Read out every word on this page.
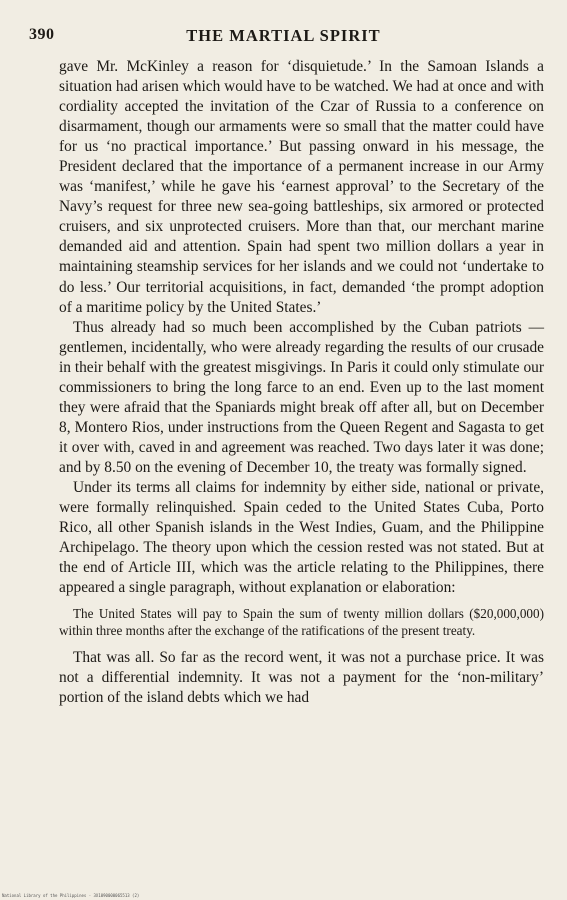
390	THE MARTIAL SPIRIT

gave Mr. McKinley a reason for ‘disquietude.’ In the Samoan Islands a situation had arisen which would have to be watched. We had at once and with cordiality accepted the invitation of the Czar of Russia to a conference on disarmament, though our armaments were so small that the matter could have for us ‘no practical importance.’ But passing onward in his message, the President declared that the importance of a permanent increase in our Army was ‘manifest,’ while he gave his ‘earnest approval’ to the Secretary of the Navy’s request for three new sea-going battleships, six armored or protected cruisers, and six unprotected cruisers. More than that, our merchant marine demanded aid and attention. Spain had spent two million dollars a year in maintaining steamship services for her islands and we could not ‘undertake to do less.’ Our territorial acquisitions, in fact, demanded ‘the prompt adoption of a maritime policy by the United States.’

Thus already had so much been accomplished by the Cuban patriots — gentlemen, incidentally, who were already regarding the results of our crusade in their behalf with the greatest misgivings. In Paris it could only stimulate our commissioners to bring the long farce to an end. Even up to the last moment they were afraid that the Spaniards might break off after all, but on December 8, Montero Rios, under instructions from the Queen Regent and Sagasta to get it over with, caved in and agreement was reached. Two days later it was done; and by 8.50 on the evening of December 10, the treaty was formally signed.

Under its terms all claims for indemnity by either side, national or private, were formally relinquished. Spain ceded to the United States Cuba, Porto Rico, all other Spanish islands in the West Indies, Guam, and the Philippine Archipelago. The theory upon which the cession rested was not stated. But at the end of Article III, which was the article relating to the Philippines, there appeared a single paragraph, without explanation or elaboration:

The United States will pay to Spain the sum of twenty million dollars ($20,000,000) within three months after the exchange of the ratifications of the present treaty.

That was all. So far as the record went, it was not a purchase price. It was not a differential indemnity. It was not a payment for the ‘non-military’ portion of the island debts which we had

National Library of the Philippines · 3X1090000065513 (2)
